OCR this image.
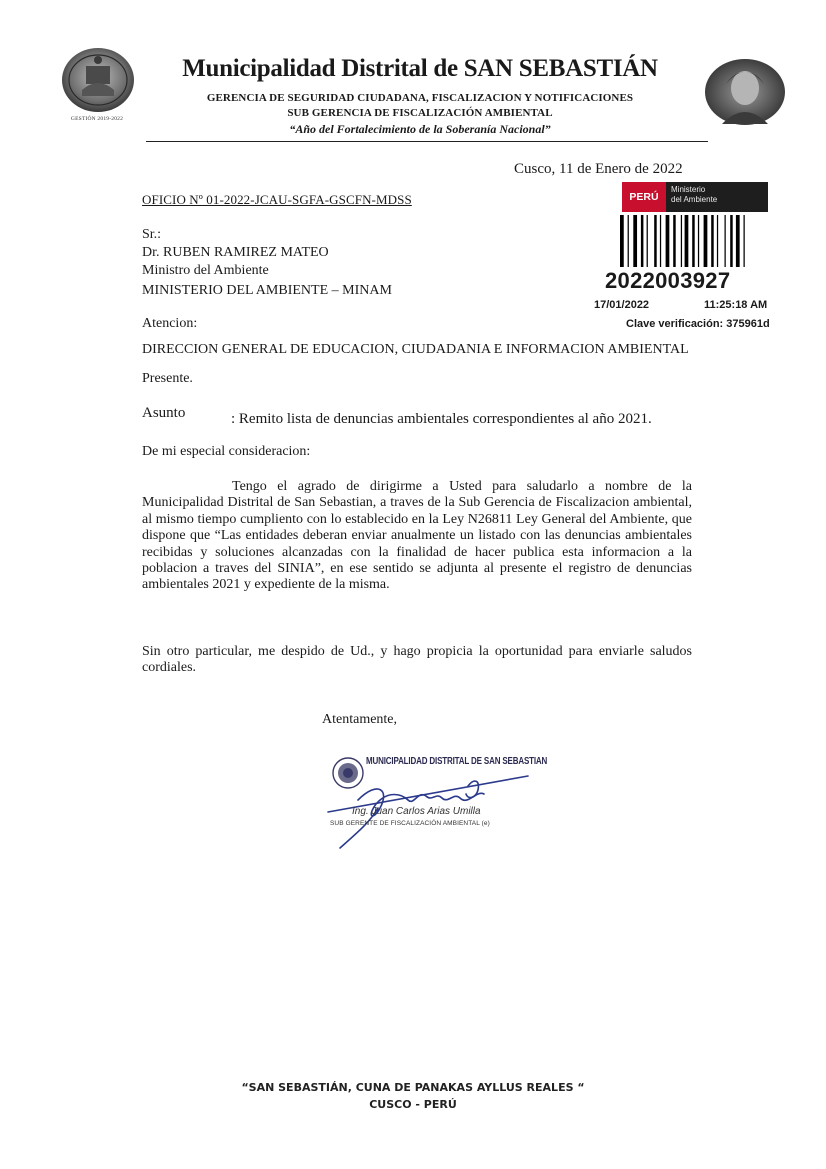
GESTIÓN 2019-2022
Municipalidad Distrital de SAN SEBASTIÁN
GERENCIA DE SEGURIDAD CIUDADANA, FISCALIZACION Y NOTIFICACIONES
SUB GERENCIA DE FISCALIZACIÓN AMBIENTAL
“Año del Fortalecimiento de la Soberanía Nacional”
PERÚ
Ministerio
del Ambiente
2022003927
17/01/2022	11:25:18 AM
Clave verificación: 375961d
Cusco, 11 de Enero de 2022
OFICIO Nº 01-2022-JCAU-SGFA-GSCFN-MDSS
Sr.:
Dr. RUBEN RAMIREZ MATEO
Ministro del Ambiente
MINISTERIO DEL AMBIENTE – MINAM
Atencion:
DIRECCION GENERAL DE EDUCACION, CIUDADANIA E INFORMACION AMBIENTAL
Presente.
Asunto	: Remito lista de denuncias ambientales correspondientes al año 2021.
De mi especial consideracion:
Tengo el agrado de dirigirme a Usted para saludarlo a nombre de la Municipalidad Distrital de San Sebastian, a traves de la Sub Gerencia de Fiscalizacion ambiental, al mismo tiempo cumpliento con lo establecido en la Ley N26811 Ley General del Ambiente, que dispone que “Las entidades deberan enviar anualmente un listado con las denuncias ambientales recibidas y soluciones alcanzadas con la finalidad de hacer publica esta informacion a la poblacion a traves del SINIA”, en ese sentido se adjunta al presente el registro de denuncias ambientales 2021 y expediente de la misma.
Sin otro particular, me despido de Ud., y hago propicia la oportunidad para enviarle saludos cordiales.
Atentamente,
MUNICIPALIDAD DISTRITAL DE SAN SEBASTIAN
Ing. Juan Carlos Arias Umilla
SUB GERENTE DE FISCALIZACIÓN AMBIENTAL (e)
“SAN SEBASTIÁN, CUNA DE PANAKAS AYLLUS REALES “
CUSCO - PERÚ
